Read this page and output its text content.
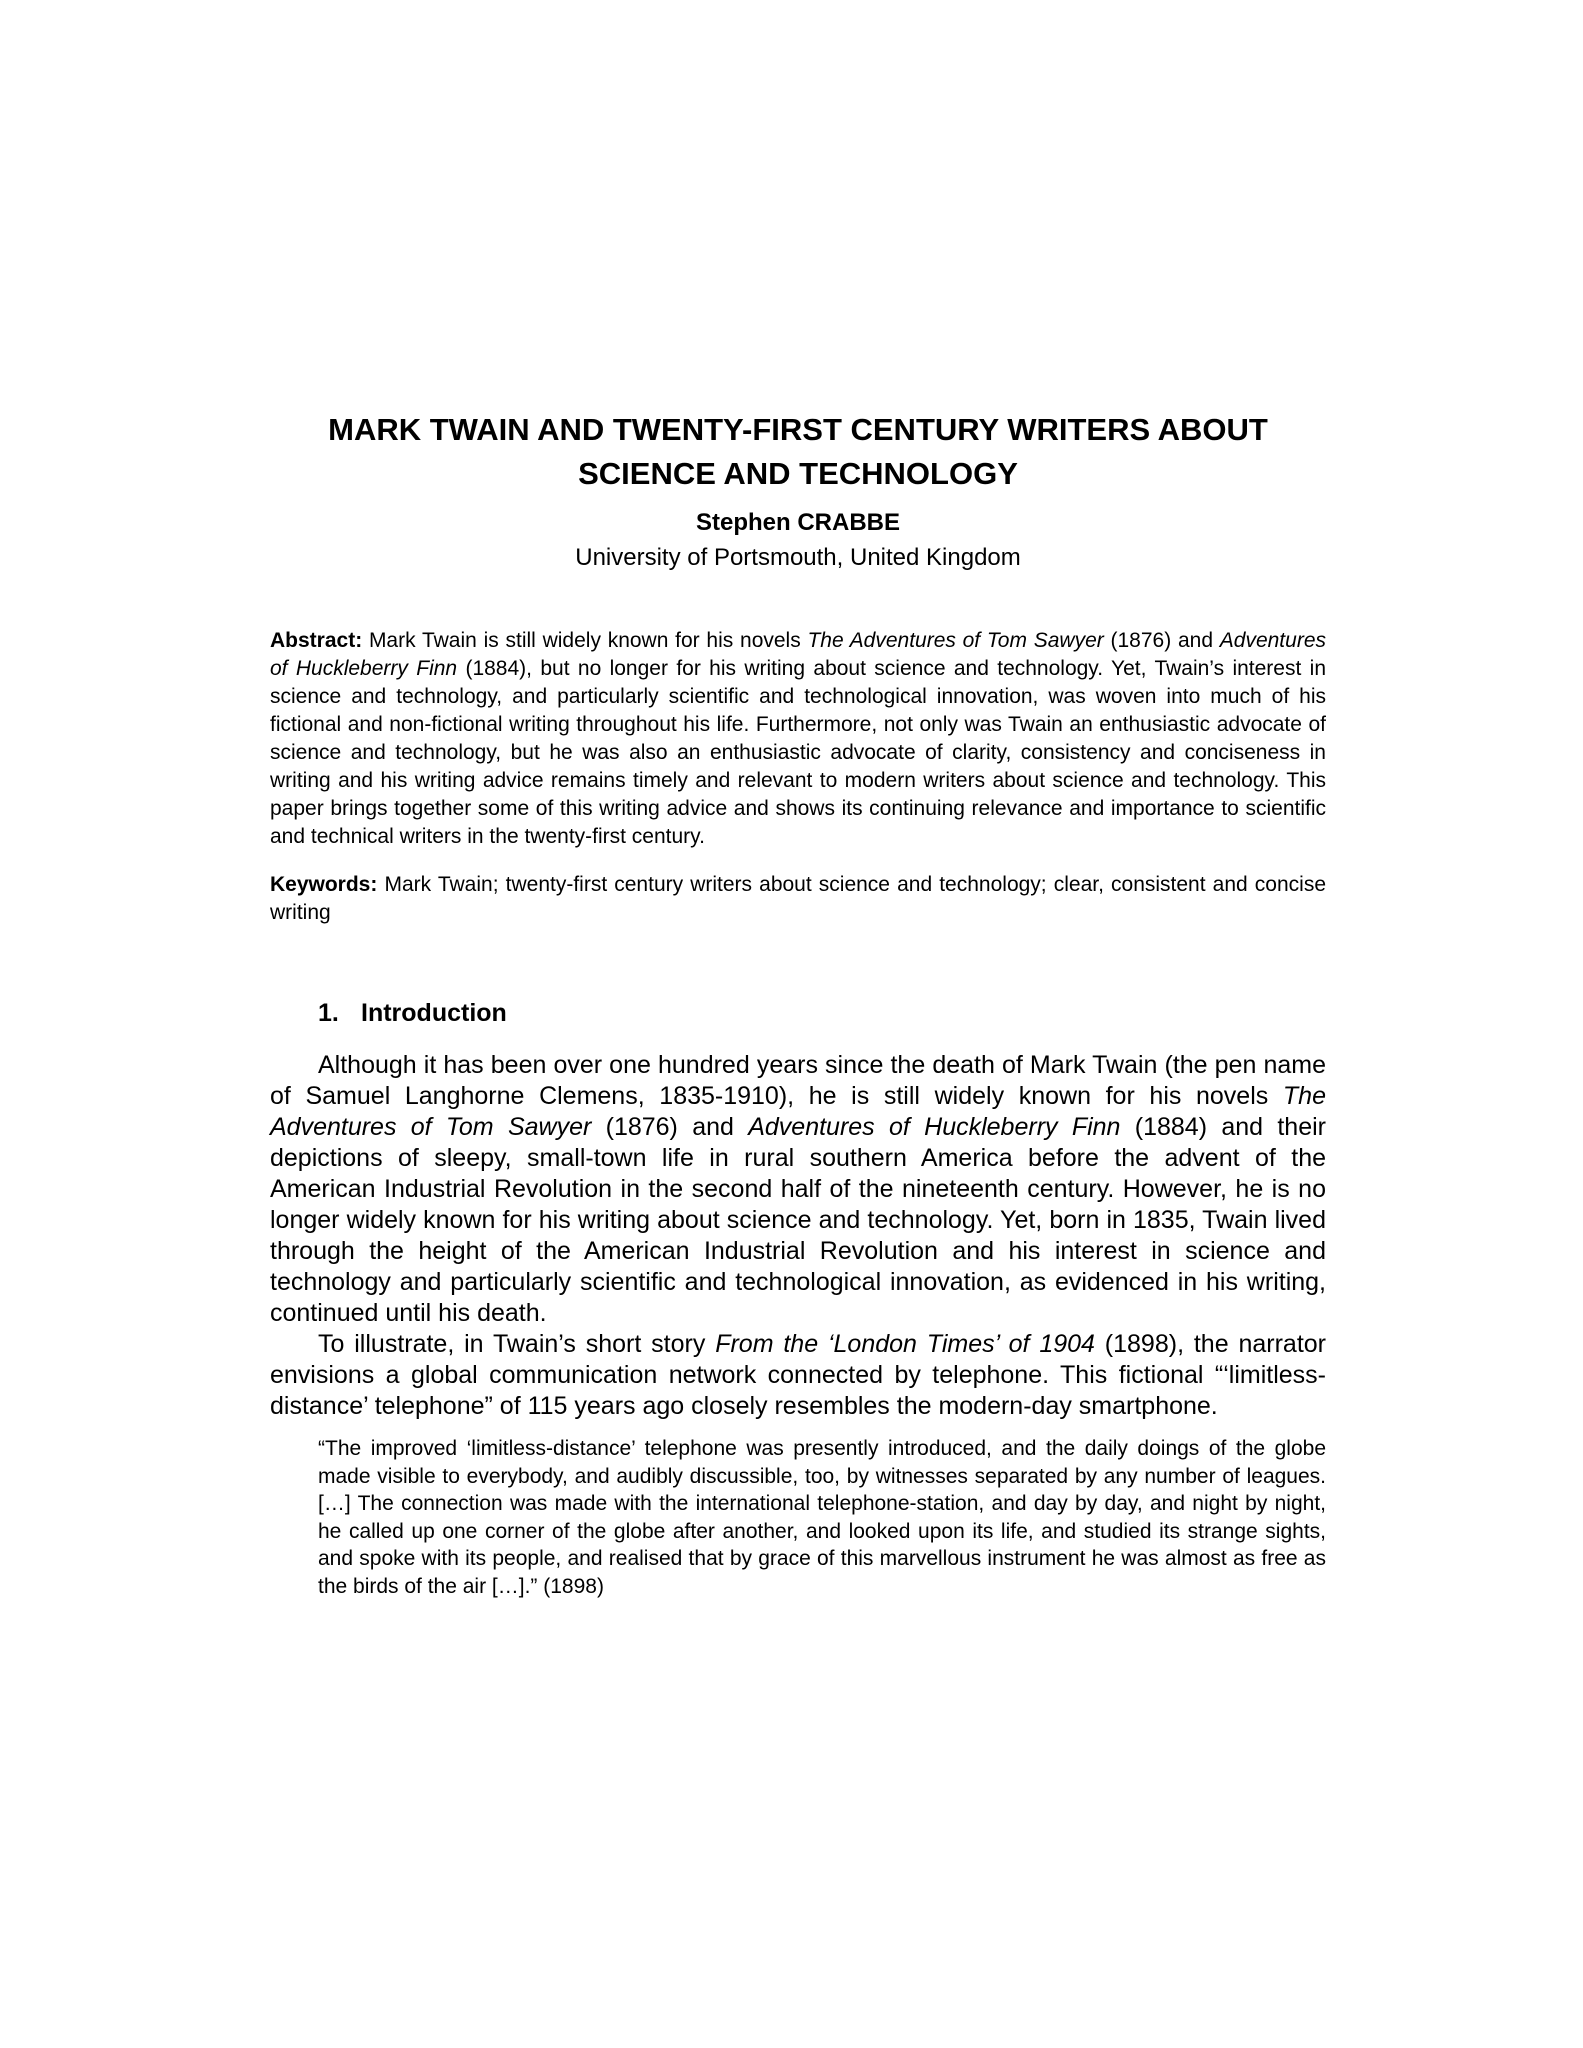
MARK TWAIN AND TWENTY-FIRST CENTURY WRITERS ABOUT
SCIENCE AND TECHNOLOGY
Stephen CRABBE
University of Portsmouth, United Kingdom

Abstract: Mark Twain is still widely known for his novels The Adventures of Tom Sawyer (1876) and Adventures of Huckleberry Finn (1884), but no longer for his writing about science and technology. Yet, Twain’s interest in science and technology, and particularly scientific and technological innovation, was woven into much of his fictional and non-fictional writing throughout his life. Furthermore, not only was Twain an enthusiastic advocate of science and technology, but he was also an enthusiastic advocate of clarity, consistency and conciseness in writing and his writing advice remains timely and relevant to modern writers about science and technology. This paper brings together some of this writing advice and shows its continuing relevance and importance to scientific and technical writers in the twenty-first century.

Keywords: Mark Twain; twenty-first century writers about science and technology; clear, consistent and concise writing

1. Introduction

Although it has been over one hundred years since the death of Mark Twain (the pen name of Samuel Langhorne Clemens, 1835-1910), he is still widely known for his novels The Adventures of Tom Sawyer (1876) and Adventures of Huckleberry Finn (1884) and their depictions of sleepy, small-town life in rural southern America before the advent of the American Industrial Revolution in the second half of the nineteenth century. However, he is no longer widely known for his writing about science and technology. Yet, born in 1835, Twain lived through the height of the American Industrial Revolution and his interest in science and technology and particularly scientific and technological innovation, as evidenced in his writing, continued until his death.

To illustrate, in Twain’s short story From the ‘London Times’ of 1904 (1898), the narrator envisions a global communication network connected by telephone. This fictional “‘limitless-distance’ telephone” of 115 years ago closely resembles the modern-day smartphone.

“The improved ‘limitless-distance’ telephone was presently introduced, and the daily doings of the globe made visible to everybody, and audibly discussible, too, by witnesses separated by any number of leagues. […] The connection was made with the international telephone-station, and day by day, and night by night, he called up one corner of the globe after another, and looked upon its life, and studied its strange sights, and spoke with its people, and realised that by grace of this marvellous instrument he was almost as free as the birds of the air […].” (1898)
